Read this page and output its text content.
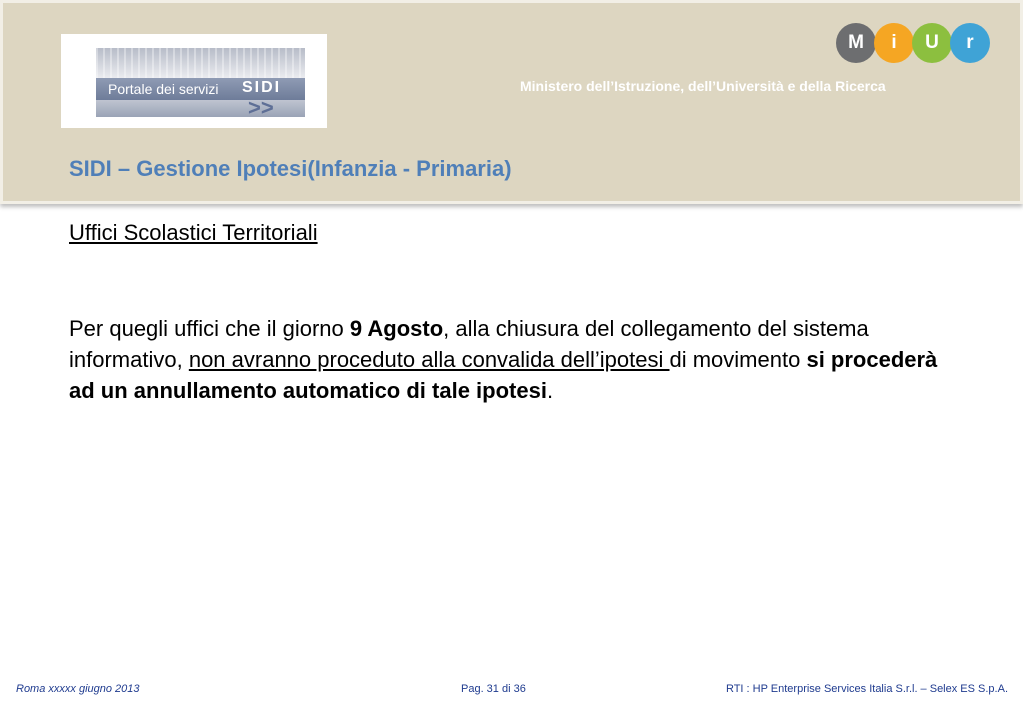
Portale dei servizi SIDI
>>
M	i	U	r
Ministero dell’Istruzione, dell’Università e della Ricerca
SIDI – Gestione Ipotesi(Infanzia - Primaria)
Uffici Scolastici Territoriali
Per quegli uffici che il giorno 9 Agosto, alla chiusura del collegamento del sistema informativo, non avranno proceduto alla convalida dell’ipotesi di movimento si procederà ad un annullamento automatico di tale ipotesi.
Roma xxxxx giugno 2013	Pag. 31 di 36	RTI : HP Enterprise Services Italia S.r.l. – Selex ES S.p.A.
